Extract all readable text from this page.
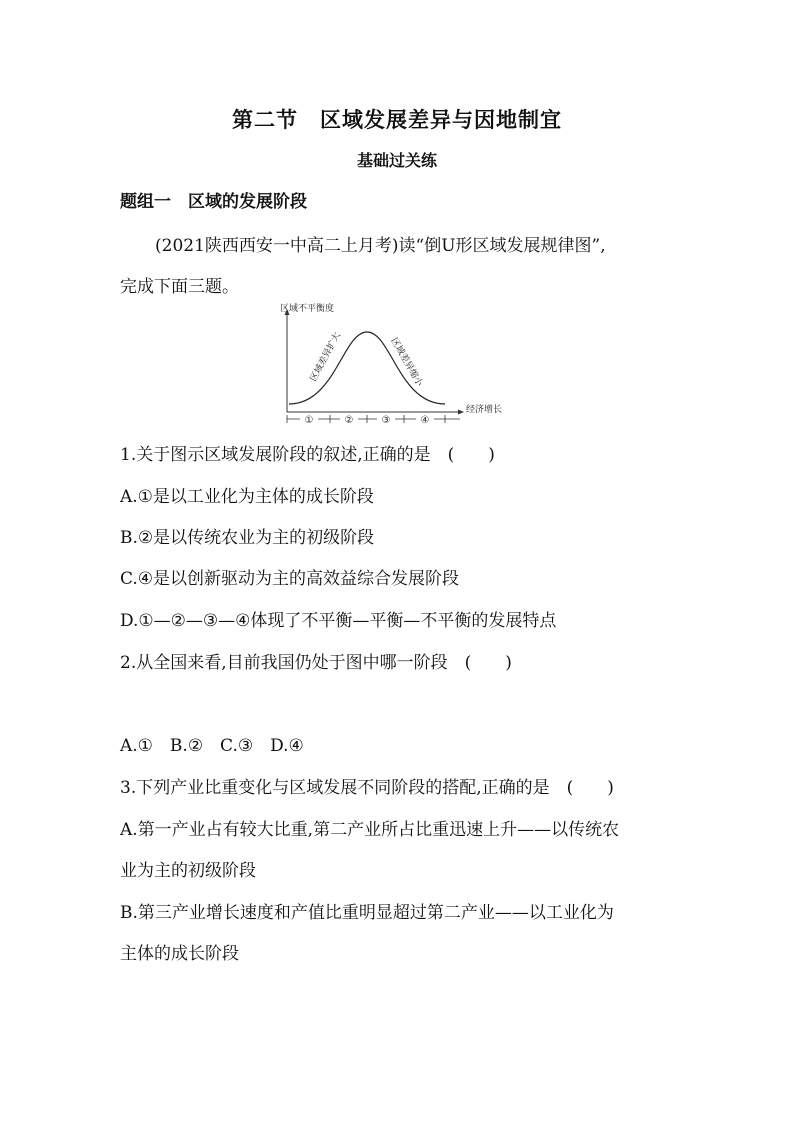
第二节　区域发展差异与因地制宜
基础过关练
题组一　区域的发展阶段
(2021陕西西安一中高二上月考)读“倒U形区域发展规律图”,
完成下面三题。
区域不平衡度
经济增长
区域差异扩大	区域差异缩小
①	②	③	④
1.关于图示区域发展阶段的叙述,正确的是　(　　)
A.①是以工业化为主体的成长阶段
B.②是以传统农业为主的初级阶段
C.④是以创新驱动为主的高效益综合发展阶段
D.①—②—③—④体现了不平衡—平衡—不平衡的发展特点
2.从全国来看,目前我国仍处于图中哪一阶段　(　　)
A.①　B.②　C.③　D.④
3.下列产业比重变化与区域发展不同阶段的搭配,正确的是　(　　)
A.第一产业占有较大比重,第二产业所占比重迅速上升——以传统农
业为主的初级阶段
B.第三产业增长速度和产值比重明显超过第二产业——以工业化为
主体的成长阶段
